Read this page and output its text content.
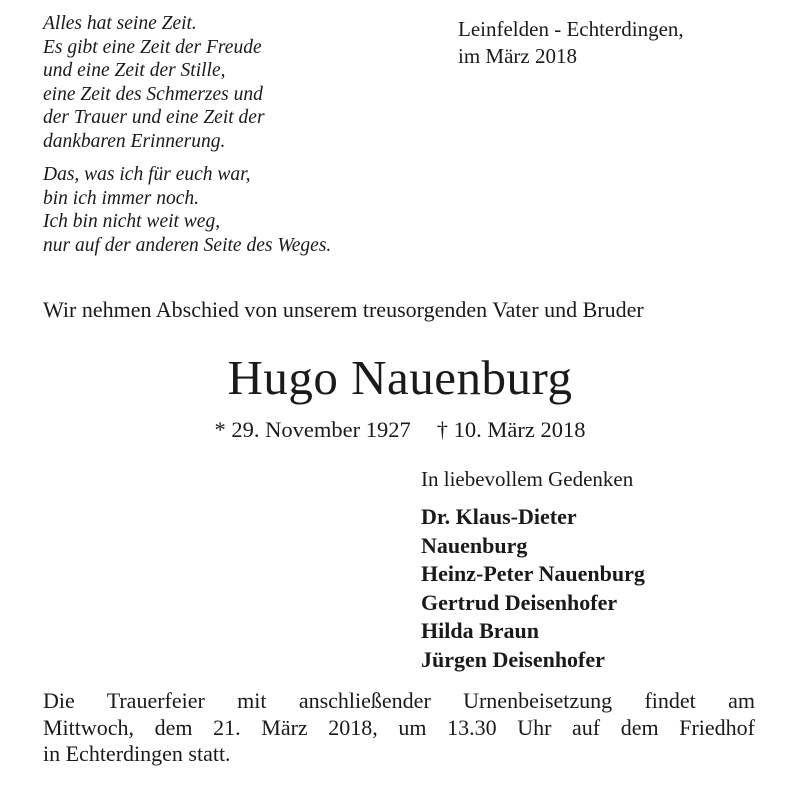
Alles hat seine Zeit.
Es gibt eine Zeit der Freude
und eine Zeit der Stille,
eine Zeit des Schmerzes und
der Trauer und eine Zeit der
dankbaren Erinnerung.
Das, was ich für euch war,
bin ich immer noch.
Ich bin nicht weit weg,
nur auf der anderen Seite des Weges.
Leinfelden - Echterdingen,
im März 2018
Wir nehmen Abschied von unserem treusorgenden Vater und Bruder
Hugo Nauenburg
* 29. November 1927 † 10. März 2018
In liebevollem Gedenken
Dr. Klaus-Dieter
Nauenburg
Heinz-Peter Nauenburg
Gertrud Deisenhofer
Hilda Braun
Jürgen Deisenhofer
Die Trauerfeier mit anschließender Urnenbeisetzung findet am
Mittwoch, dem 21. März 2018, um 13.30 Uhr auf dem Friedhof
in Echterdingen statt.
